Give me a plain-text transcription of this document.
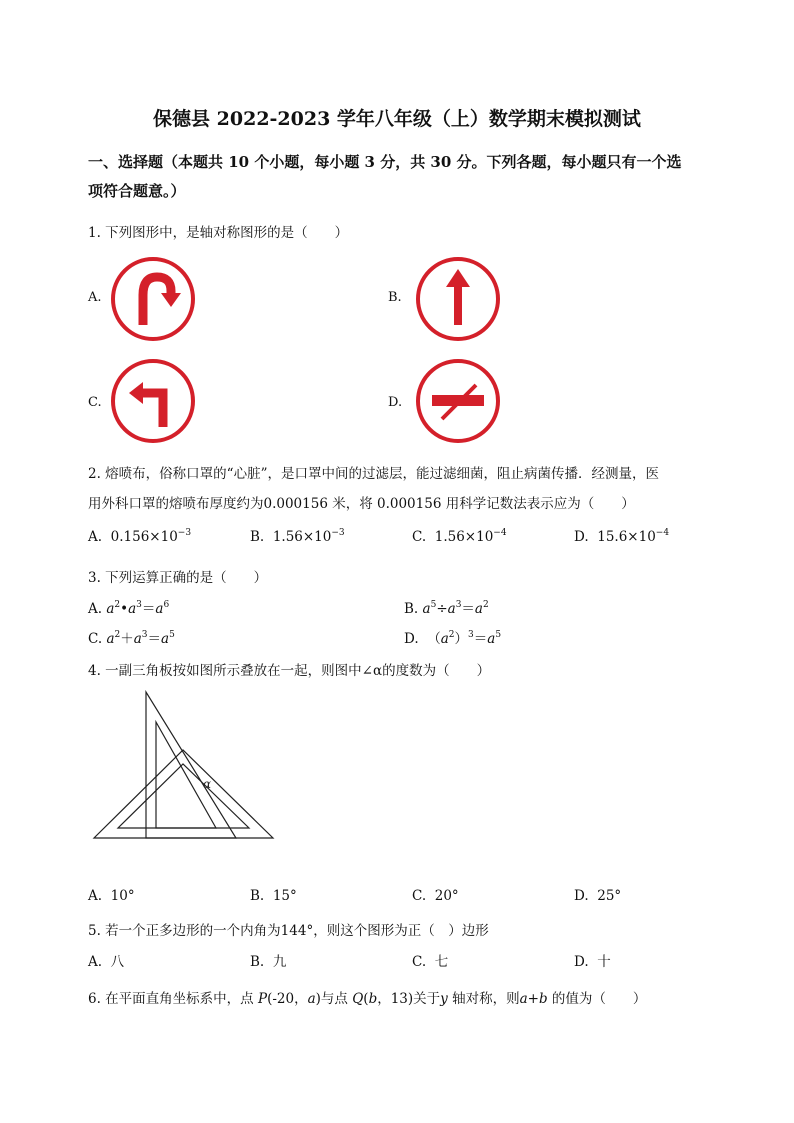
保德县 2022-2023 学年八年级（上）数学期末模拟测试
一、选择题（本题共 10 个小题，每小题 3 分，共 30 分。下列各题，每小题只有一个选
项符合题意。）
1. 下列图形中，是轴对称图形的是（　　）
A.	B.
C.	D.
2. 熔喷布，俗称口罩的“心脏”，是口罩中间的过滤层，能过滤细菌，阻止病菌传播．经测量，医
用外科口罩的熔喷布厚度约为0.000156 米，将 0.000156 用科学记数法表示应为（　　）
A. $0.156\times 10^{-3}$	B. $1.56\times 10^{-3}$	C. $1.56\times 10^{-4}$	D. $15.6\times 10^{-4}$
3. 下列运算正确的是（　　）
A. $a^2•a^3=a^6$	B. $a^5\div a^3=a^2$
C. $a^2+a^3=a^5$	D. $(a^2)^3=a^5$
4. 一副三角板按如图所示叠放在一起，则图中∠α的度数为（　　）
α
A. 10°	B. 15°	C. 20°	D. 25°
5. 若一个正多边形的一个内角为144°，则这个图形为正（　）边形
A. 八	B. 九	C. 七	D. 十
6. 在平面直角坐标系中，点 P(-20，a)与点 Q(b，13)关于y 轴对称，则a+b 的值为（　　）
